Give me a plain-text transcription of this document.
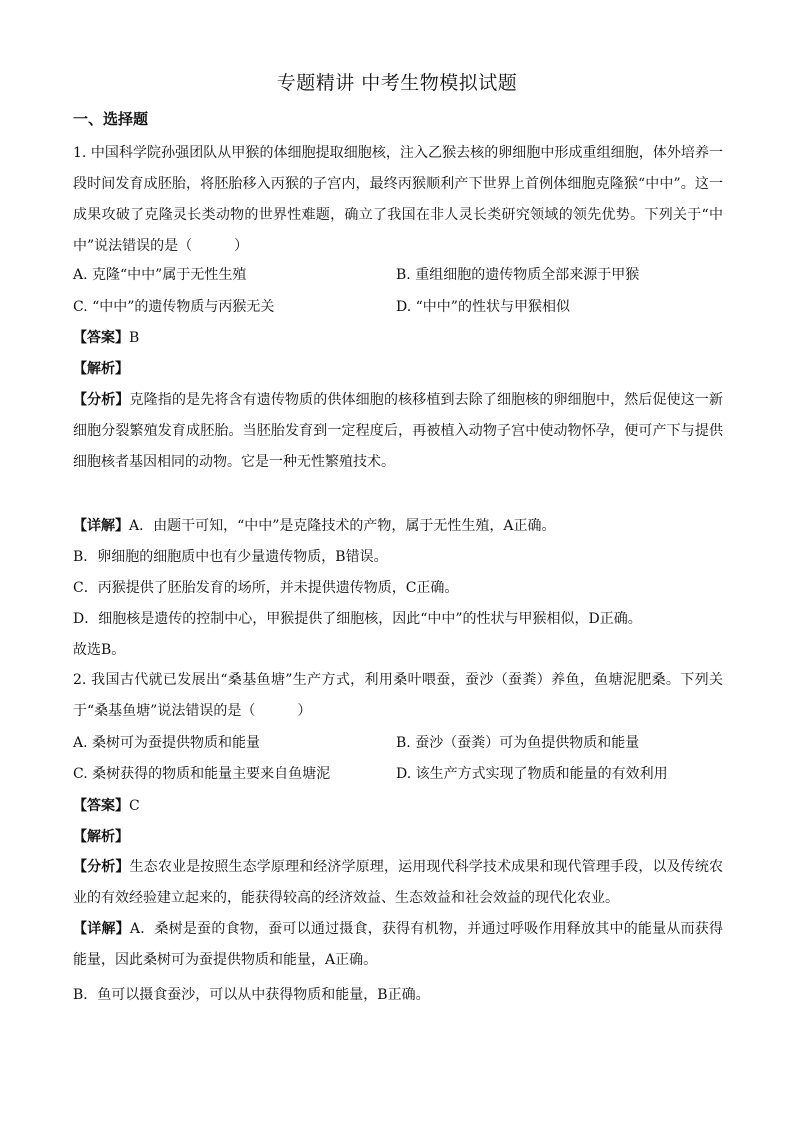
专题精讲 中考生物模拟试题
一、选择题
1. 中国科学院孙强团队从甲猴的体细胞提取细胞核，注入乙猴去核的卵细胞中形成重组细胞，体外培养一段时间发育成胚胎，将胚胎移入丙猴的子宫内，最终丙猴顺利产下世界上首例体细胞克隆猴“中中”。这一成果攻破了克隆灵长类动物的世界性难题，确立了我国在非人灵长类研究领域的领先优势。下列关于“中中”说法错误的是（　　　）
A. 克隆“中中”属于无性生殖	B. 重组细胞的遗传物质全部来源于甲猴
C. “中中”的遗传物质与丙猴无关	D. “中中”的性状与甲猴相似
【答案】B
【解析】
【分析】克隆指的是先将含有遗传物质的供体细胞的核移植到去除了细胞核的卵细胞中，然后促使这一新细胞分裂繁殖发育成胚胎。当胚胎发育到一定程度后，再被植入动物子宫中使动物怀孕，便可产下与提供细胞核者基因相同的动物。它是一种无性繁殖技术。
【详解】A．由题干可知，“中中”是克隆技术的产物，属于无性生殖，A正确。
B．卵细胞的细胞质中也有少量遗传物质，B错误。
C．丙猴提供了胚胎发育的场所，并未提供遗传物质，C正确。
D．细胞核是遗传的控制中心，甲猴提供了细胞核，因此“中中”的性状与甲猴相似，D正确。
故选B。
2. 我国古代就已发展出“桑基鱼塘”生产方式，利用桑叶喂蚕，蚕沙（蚕粪）养鱼，鱼塘泥肥桑。下列关于“桑基鱼塘”说法错误的是（　　　）
A. 桑树可为蚕提供物质和能量	B. 蚕沙（蚕粪）可为鱼提供物质和能量
C. 桑树获得的物质和能量主要来自鱼塘泥	D. 该生产方式实现了物质和能量的有效利用
【答案】C
【解析】
【分析】生态农业是按照生态学原理和经济学原理，运用现代科学技术成果和现代管理手段，以及传统农业的有效经验建立起来的，能获得较高的经济效益、生态效益和社会效益的现代化农业。
【详解】A．桑树是蚕的食物，蚕可以通过摄食，获得有机物，并通过呼吸作用释放其中的能量从而获得能量，因此桑树可为蚕提供物质和能量，A正确。
B．鱼可以摄食蚕沙，可以从中获得物质和能量，B正确。
